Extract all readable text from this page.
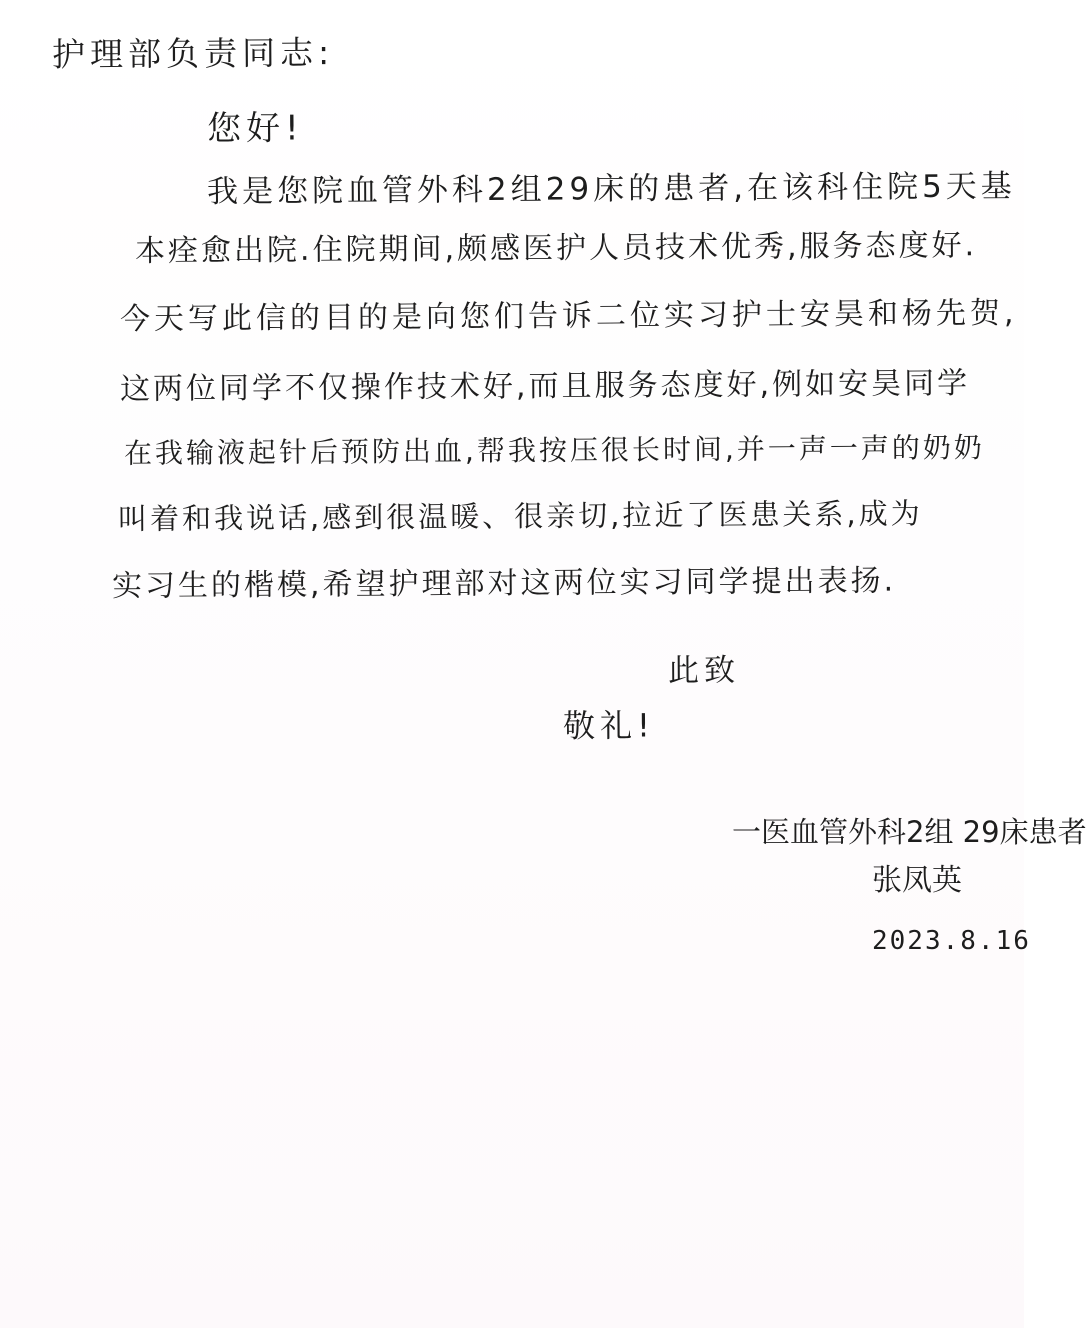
护理部负责同志:
您好!
我是您院血管外科2组29床的患者,在该科住院5天基
本痊愈出院.住院期间,颇感医护人员技术优秀,服务态度好.
今天写此信的目的是向您们告诉二位实习护士安昊和杨先贺,
这两位同学不仅操作技术好,而且服务态度好,例如安昊同学
在我输液起针后预防出血,帮我按压很长时间,并一声一声的奶奶
叫着和我说话,感到很温暖、很亲切,拉近了医患关系,成为
实习生的楷模,希望护理部对这两位实习同学提出表扬.
此致
敬礼!
一医血管外科2组 29床患者
张凤英
2023.8.16
